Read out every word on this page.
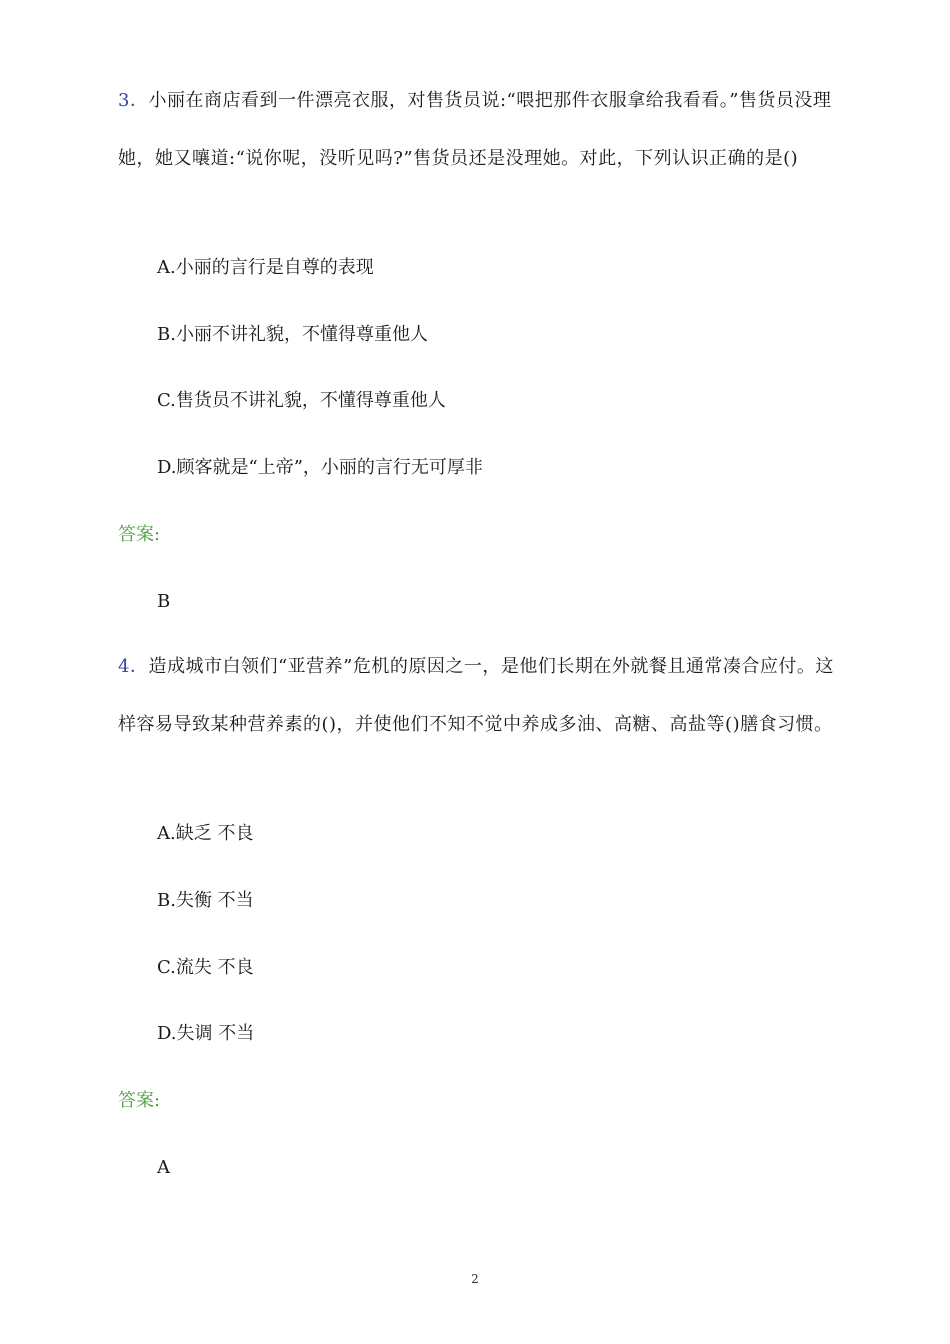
3．小丽在商店看到一件漂亮衣服，对售货员说:“喂把那件衣服拿给我看看。”售货员没理她，她又嚷道:“说你呢，没听见吗?”售货员还是没理她。对此，下列认识正确的是()

A.小丽的言行是自尊的表现

B.小丽不讲礼貌，不懂得尊重他人

C.售货员不讲礼貌，不懂得尊重他人

D.顾客就是“上帝”，小丽的言行无可厚非

答案:

B

4．造成城市白领们“亚营养”危机的原因之一，是他们长期在外就餐且通常凑合应付。这样容易导致某种营养素的()，并使他们不知不觉中养成多油、高糖、高盐等()膳食习惯。

A.缺乏 不良

B.失衡 不当

C.流失 不良

D.失调 不当

答案:

A

2
